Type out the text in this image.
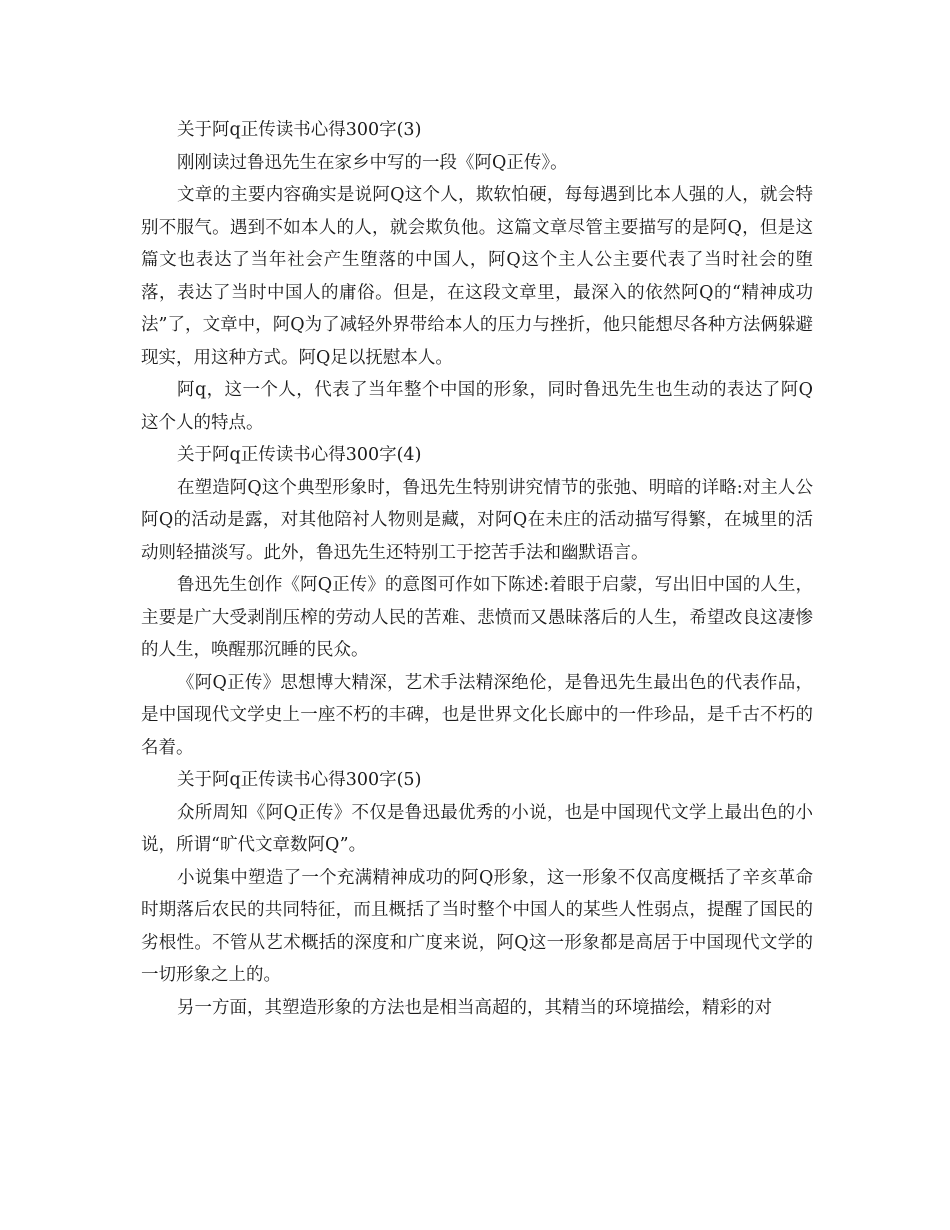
关于阿q正传读书心得300字(3)

刚刚读过鲁迅先生在家乡中写的一段《阿Q正传》。

文章的主要内容确实是说阿Q这个人，欺软怕硬，每每遇到比本人强的人，就会特别不服气。遇到不如本人的人，就会欺负他。这篇文章尽管主要描写的是阿Q，但是这篇文也表达了当年社会产生堕落的中国人，阿Q这个主人公主要代表了当时社会的堕落，表达了当时中国人的庸俗。但是，在这段文章里，最深入的依然阿Q的“精神成功法”了，文章中，阿Q为了减轻外界带给本人的压力与挫折，他只能想尽各种方法俩躲避现实，用这种方式。阿Q足以抚慰本人。

阿q，这一个人，代表了当年整个中国的形象，同时鲁迅先生也生动的表达了阿Q这个人的特点。

关于阿q正传读书心得300字(4)

在塑造阿Q这个典型形象时，鲁迅先生特别讲究情节的张弛、明暗的详略:对主人公阿Q的活动是露，对其他陪衬人物则是藏，对阿Q在未庄的活动描写得繁，在城里的活动则轻描淡写。此外，鲁迅先生还特别工于挖苦手法和幽默语言。

鲁迅先生创作《阿Q正传》的意图可作如下陈述:着眼于启蒙，写出旧中国的人生，主要是广大受剥削压榨的劳动人民的苦难、悲愤而又愚昧落后的人生，希望改良这凄惨的人生，唤醒那沉睡的民众。

《阿Q正传》思想博大精深，艺术手法精深绝伦，是鲁迅先生最出色的代表作品，是中国现代文学史上一座不朽的丰碑，也是世界文化长廊中的一件珍品，是千古不朽的名着。

关于阿q正传读书心得300字(5)

众所周知《阿Q正传》不仅是鲁迅最优秀的小说，也是中国现代文学上最出色的小说，所谓“旷代文章数阿Q”。

小说集中塑造了一个充满精神成功的阿Q形象，这一形象不仅高度概括了辛亥革命时期落后农民的共同特征，而且概括了当时整个中国人的某些人性弱点，提醒了国民的劣根性。不管从艺术概括的深度和广度来说，阿Q这一形象都是高居于中国现代文学的一切形象之上的。

另一方面，其塑造形象的方法也是相当高超的，其精当的环境描绘，精彩的对
